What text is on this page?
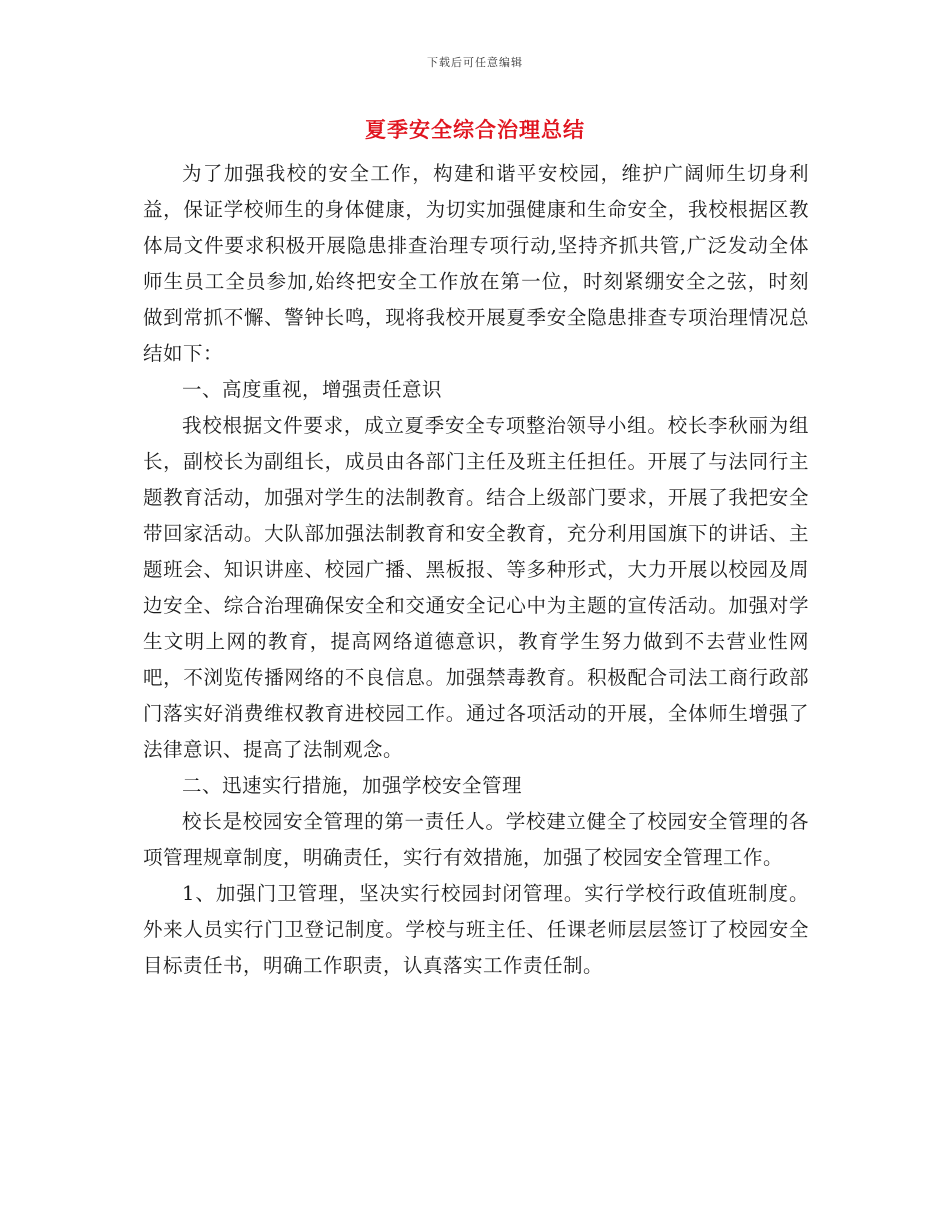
下载后可任意编辑
夏季安全综合治理总结

为了加强我校的安全工作，构建和谐平安校园，维护广阔师生切身利益，保证学校师生的身体健康，为切实加强健康和生命安全，我校根据区教体局文件要求积极开展隐患排查治理专项行动,坚持齐抓共管,广泛发动全体师生员工全员参加,始终把安全工作放在第一位，时刻紧绷安全之弦，时刻做到常抓不懈、警钟长鸣，现将我校开展夏季安全隐患排查专项治理情况总结如下：

一、高度重视，增强责任意识

我校根据文件要求，成立夏季安全专项整治领导小组。校长李秋丽为组长，副校长为副组长，成员由各部门主任及班主任担任。开展了与法同行主题教育活动，加强对学生的法制教育。结合上级部门要求，开展了我把安全带回家活动。大队部加强法制教育和安全教育，充分利用国旗下的讲话、主题班会、知识讲座、校园广播、黑板报、等多种形式，大力开展以校园及周边安全、综合治理确保安全和交通安全记心中为主题的宣传活动。加强对学生文明上网的教育，提高网络道德意识，教育学生努力做到不去营业性网吧，不浏览传播网络的不良信息。加强禁毒教育。积极配合司法工商行政部门落实好消费维权教育进校园工作。通过各项活动的开展，全体师生增强了法律意识、提高了法制观念。

二、迅速实行措施，加强学校安全管理

校长是校园安全管理的第一责任人。学校建立健全了校园安全管理的各项管理规章制度，明确责任，实行有效措施，加强了校园安全管理工作。

1、加强门卫管理，坚决实行校园封闭管理。实行学校行政值班制度。外来人员实行门卫登记制度。学校与班主任、任课老师层层签订了校园安全目标责任书，明确工作职责，认真落实工作责任制。
